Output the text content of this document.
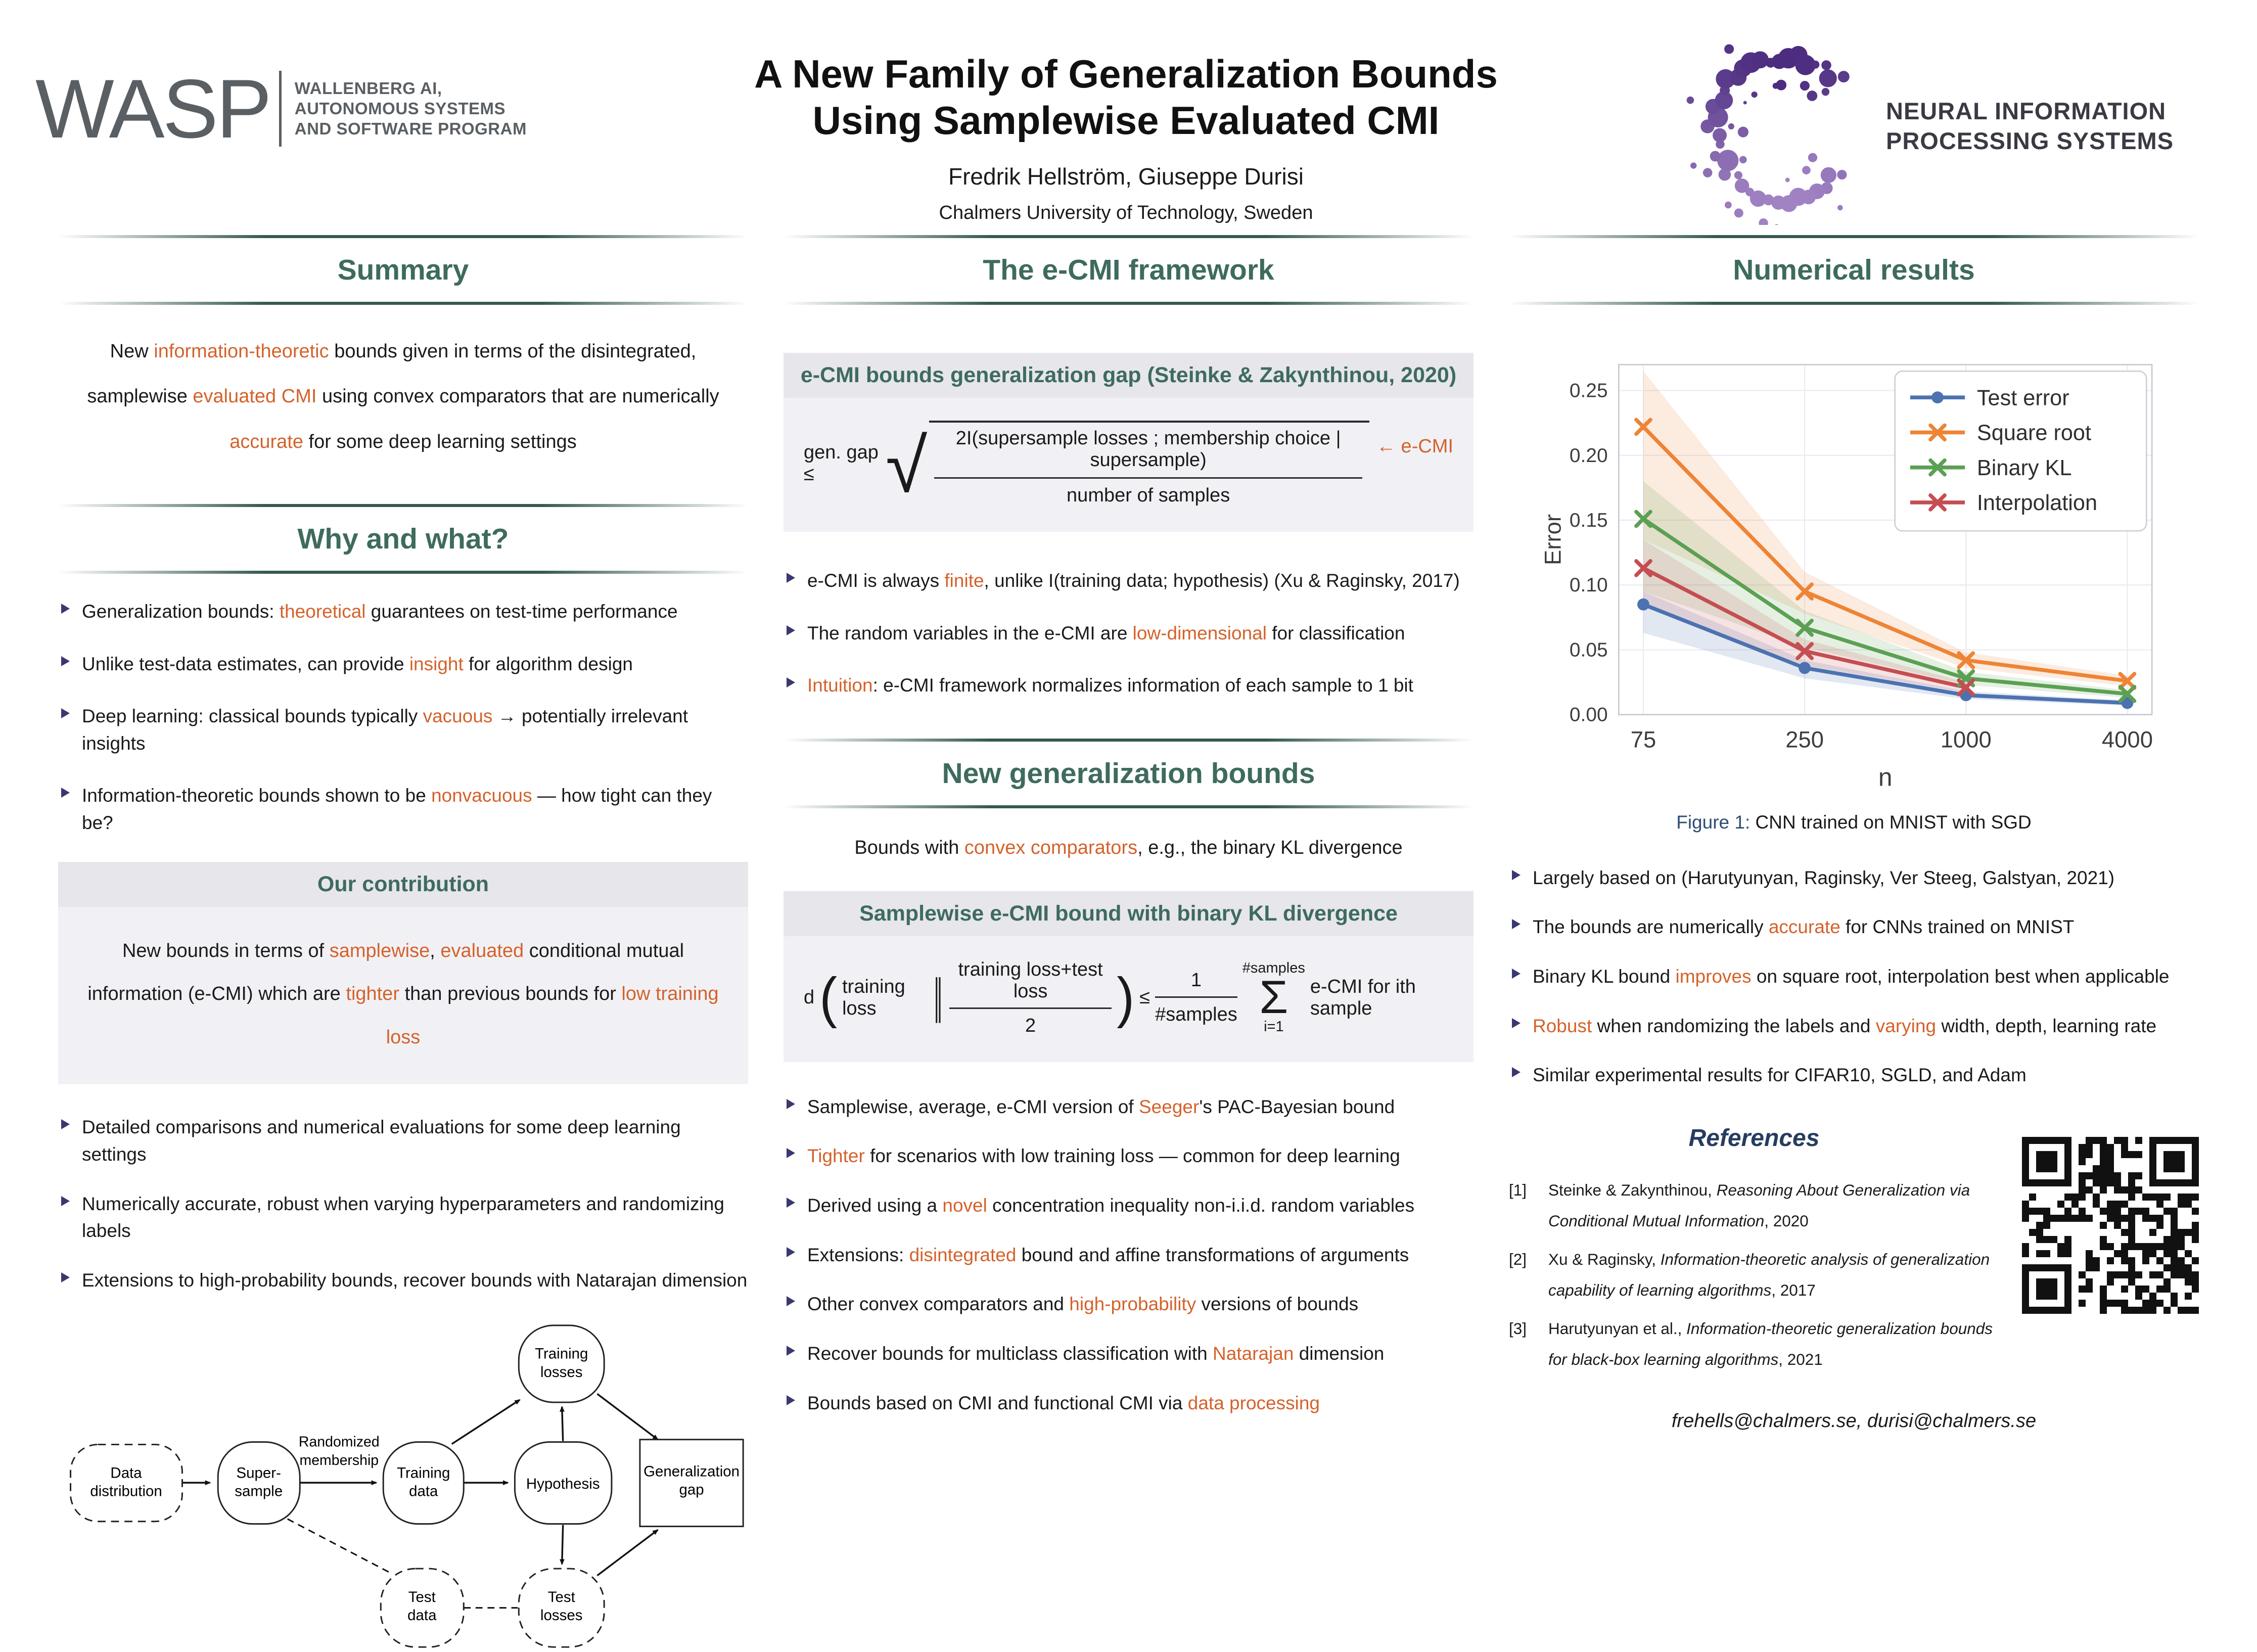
WASP WALLENBERG AI,
AUTONOMOUS SYSTEMS
AND SOFTWARE PROGRAM
A New Family of Generalization Bounds
Using Samplewise Evaluated CMI
Fredrik Hellström, Giuseppe Durisi
Chalmers University of Technology, Sweden
NEURAL INFORMATION
PROCESSING SYSTEMS
Summary

New information-theoretic bounds given in terms of the disintegrated, samplewise evaluated CMI using convex comparators that are numerically accurate for some deep learning settings

Why and what?
Generalization bounds: theoretical guarantees on test-time performance
Unlike test-data estimates, can provide insight for algorithm design
Deep learning: classical bounds typically vacuous → potentially irrelevant insights
Information-theoretic bounds shown to be nonvacuous — how tight can they be?
Our contribution
New bounds in terms of samplewise, evaluated conditional mutual information (e-CMI) which are tighter than previous bounds for low training loss
Detailed comparisons and numerical evaluations for some deep learning settings
Numerically accurate, robust when varying hyperparameters and randomizing labels
Extensions to high-probability bounds, recover bounds with Natarajan dimension
Randomized
membership
Data
distribution
Super-
sample
Training
data	Hypothesis
Training
losses
Generalization
gap
Test
data
Test
losses
The e-CMI framework
e-CMI bounds generalization gap (Steinke & Zakynthinou, 2020)
gen. gap ≤ √ $\frac{\text{2I(supersample losses ; membership choice | supersample)}}{\text{number of samples}}$ ← e-CMI
e-CMI is always finite, unlike I(training data; hypothesis) (Xu & Raginsky, 2017)
The random variables in the e-CMI are low-dimensional for classification
Intuition: e-CMI framework normalizes information of each sample to 1 bit
New generalization bounds

Bounds with convex comparators, e.g., the binary KL divergence

Samplewise e-CMI bound with binary KL divergence
d ( training loss	∥ $\frac{\text{training loss+test loss}}{2}$ ) ≤ $\frac{1}{\text{\#samples}}$
#samples
Σ
i=1
e-CMI for ith sample
Samplewise, average, e-CMI version of Seeger's PAC-Bayesian bound
Tighter for scenarios with low training loss — common for deep learning
Derived using a novel concentration inequality non-i.i.d. random variables
Extensions: disintegrated bound and affine transformations of arguments
Other convex comparators and high-probability versions of bounds
Recover bounds for multiclass classification with Natarajan dimension
Bounds based on CMI and functional CMI via data processing
Numerical results
0.00
0.05
0.10
0.15
0.20
0.25
75	250	1000	4000
n
Error
Test error
Square root
Binary KL
Interpolation

Figure 1: CNN trained on MNIST with SGD

Largely based on (Harutyunyan, Raginsky, Ver Steeg, Galstyan, 2021)
The bounds are numerically accurate for CNNs trained on MNIST
Binary KL bound improves on square root, interpolation best when applicable
Robust when randomizing the labels and varying width, depth, learning rate
Similar experimental results for CIFAR10, SGLD, and Adam
References
[1]	Steinke & Zakynthinou, Reasoning About Generalization via Conditional Mutual Information, 2020
[2]	Xu & Raginsky, Information-theoretic analysis of generalization capability of learning algorithms, 2017
[3]	Harutyunyan et al., Information-theoretic generalization bounds for black-box learning algorithms, 2021
frehells@chalmers.se, durisi@chalmers.se
